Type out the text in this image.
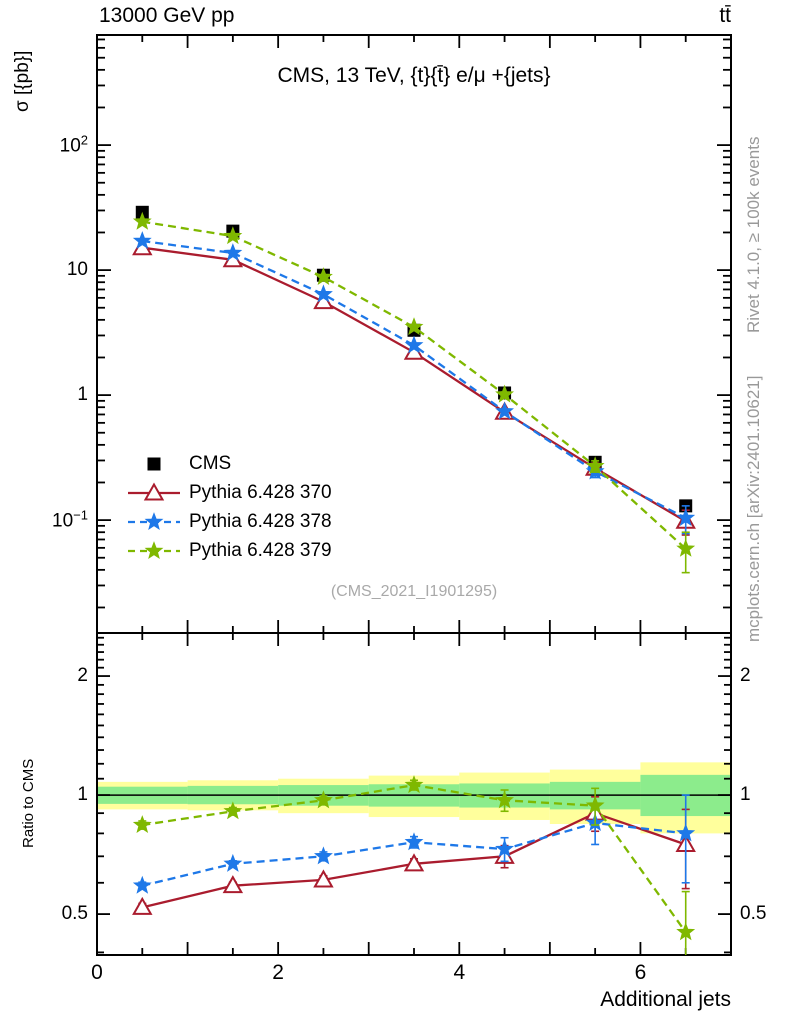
13000 GeV pp	tt̄
CMS, 13 TeV, {t}{t̄} e/μ +{jets}
(CMS_2021_I1901295)
σ [{pb}]
Ratio to CMS
Rivet 4.1.0, ≥ 100k events
mcplots.cern.ch [arXiv:2401.10621]
Additional jets
CMS
Pythia 6.428 370
Pythia 6.428 378
Pythia 6.428 379
$10^2$
10
1
$10^{-1}$
2	2
1	1
0.5	0.5
0	2	4	6
